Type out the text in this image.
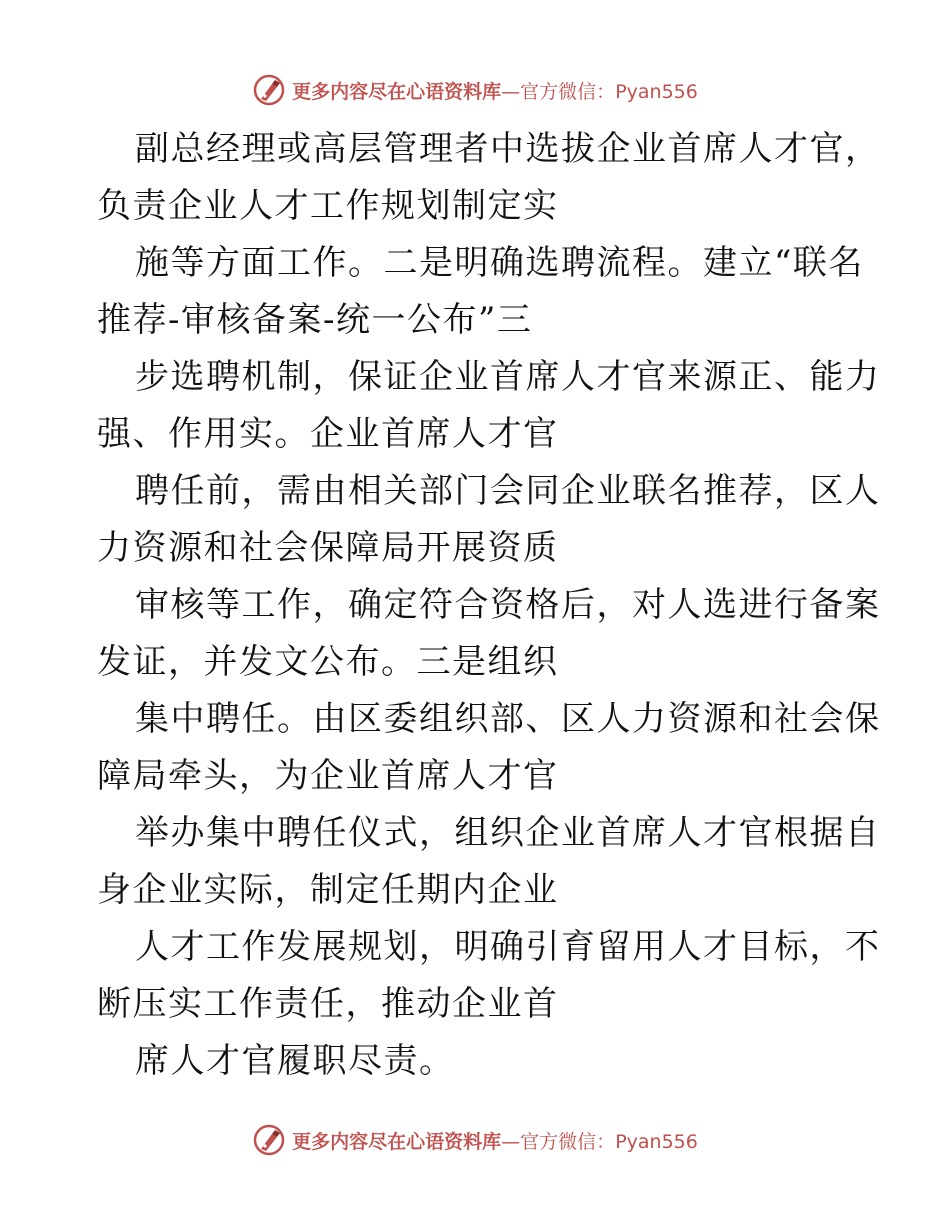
更多内容尽在心语资料库—官方微信：Pyan556
副总经理或高层管理者中选拔企业首席人才官，
负责企业人才工作规划制定实
施等方面工作。二是明确选聘流程。建立“联名
推荐-审核备案-统一公布”三
步选聘机制，保证企业首席人才官来源正、能力
强、作用实。企业首席人才官
聘任前，需由相关部门会同企业联名推荐，区人
力资源和社会保障局开展资质
审核等工作，确定符合资格后，对人选进行备案
发证，并发文公布。三是组织
集中聘任。由区委组织部、区人力资源和社会保
障局牵头，为企业首席人才官
举办集中聘任仪式，组织企业首席人才官根据自
身企业实际，制定任期内企业
人才工作发展规划，明确引育留用人才目标，不
断压实工作责任，推动企业首
席人才官履职尽责。
更多内容尽在心语资料库—官方微信：Pyan556
